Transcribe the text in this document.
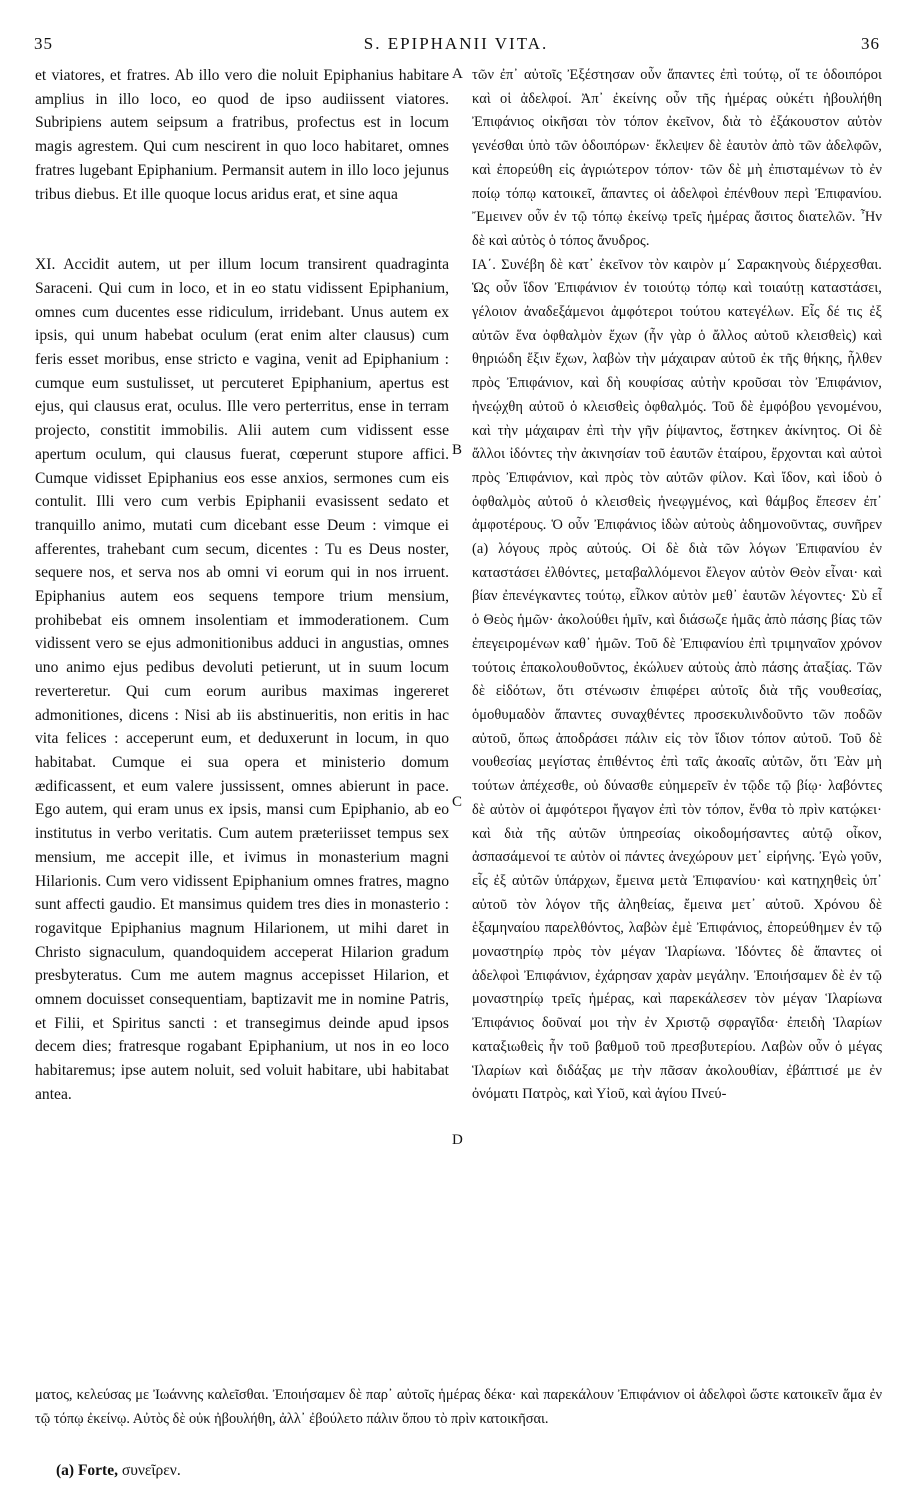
35	S. EPIPHANII VITA.	36

et viatores, et fratres. Ab illo vero die noluit Epiphanius habitare amplius in illo loco, eo quod de ipso audiissent viatores. Subripiens autem seipsum a fratribus, profectus est in locum magis agrestem. Qui cum nescirent in quo loco habitaret, omnes fratres lugebant Epiphanium. Permansit autem in illo loco jejunus tribus diebus. Et ille quoque locus aridus erat, et sine aqua

XI. Accidit autem, ut per illum locum transirent quadraginta Saraceni. Qui cum in loco, et in eo statu vidissent Epiphanium, omnes cum ducentes esse ridiculum, irridebant. Unus autem ex ipsis, qui unum habebat oculum (erat enim alter clausus) cum feris esset moribus, ense stricto e vagina, venit ad Epiphanium : cumque eum sustulisset, ut percuteret Epiphanium, apertus est ejus, qui clausus erat, oculus. Ille vero perterritus, ense in terram projecto, constitit immobilis. Alii autem cum vidissent esse apertum oculum, qui clausus fuerat, cœperunt stupore affici. Cumque vidisset Epiphanius eos esse anxios, sermones cum eis contulit. Illi vero cum verbis Epiphanii evasissent sedato et tranquillo animo, mutati cum dicebant esse Deum : vimque ei afferentes, trahebant cum secum, dicentes : Tu es Deus noster, sequere nos, et serva nos ab omni vi eorum qui in nos irruent. Epiphanius autem eos sequens tempore trium mensium, prohibebat eis omnem insolentiam et immoderationem. Cum vidissent vero se ejus admonitionibus adduci in angustias, omnes uno animo ejus pedibus devoluti petierunt, ut in suum locum reverteretur. Qui cum eorum auribus maximas ingereret admonitiones, dicens : Nisi ab iis abstinueritis, non eritis in hac vita felices : acceperunt eum, et deduxerunt in locum, in quo habitabat. Cumque ei sua opera et ministerio domum ædificassent, et eum valere jussissent, omnes abierunt in pace. Ego autem, qui eram unus ex ipsis, mansi cum Epiphanio, ab eo institutus in verbo veritatis. Cum autem præteriisset tempus sex mensium, me accepit ille, et ivimus in monasterium magni Hilarionis. Cum vero vidissent Epiphanium omnes fratres, magno sunt affecti gaudio. Et mansimus quidem tres dies in monasterio : rogavitque Epiphanius magnum Hilarionem, ut mihi daret in Christo signaculum, quandoquidem acceperat Hilarion gradum presbyteratus. Cum me autem magnus accepisset Hilarion, et omnem docuisset consequentiam, baptizavit me in nomine Patris, et Filii, et Spiritus sancti : et transegimus deinde apud ipsos decem dies; fratresque rogabant Epiphanium, ut nos in eo loco habitaremus; ipse autem noluit, sed voluit habitare, ubi habitabat antea.

A
B
C
D

τῶν ἐπ᾽ αὐτοῖς Ἐξέστησαν οὖν ἅπαντες ἐπὶ τούτῳ, οἵ τε ὁδοιπόροι καὶ οἱ ἀδελφοί. Ἀπ᾽ ἐκείνης οὖν τῆς ἡμέρας οὐκέτι ἠβουλήθη Ἐπιφάνιος οἰκῆσαι τὸν τόπον ἐκεῖνον, διὰ τὸ ἐξάκουστον αὐτὸν γενέσθαι ὑπὸ τῶν ὁδοιπόρων· ἔκλεψεν δὲ ἑαυτὸν ἀπὸ τῶν ἀδελφῶν, καὶ ἐπορεύθη εἰς ἀγριώτερον τόπον· τῶν δὲ μὴ ἐπισταμένων τὸ ἐν ποίῳ τόπῳ κατοικεῖ, ἅπαντες οἱ ἀδελφοὶ ἐπένθουν περὶ Ἐπιφανίου. Ἔμεινεν οὖν ἐν τῷ τόπῳ ἐκείνῳ τρεῖς ἡμέρας ἄσιτος διατελῶν. Ἦν δὲ καὶ αὐτὸς ὁ τόπος ἄνυδρος.

ΙΑ΄. Συνέβη δὲ κατ᾽ ἐκεῖνον τὸν καιρὸν μ΄ Σαρακηνοὺς διέρχεσθαι. Ὡς οὖν ἴδον Ἐπιφάνιον ἐν τοιούτῳ τόπῳ καὶ τοιαύτῃ καταστάσει, γέλοιον ἀναδεξάμενοι ἀμφότεροι τούτου κατεγέλων. Εἷς δέ τις ἐξ αὐτῶν ἕνα ὀφθαλμὸν ἔχων (ἦν γὰρ ὁ ἄλλος αὐτοῦ κλεισθεὶς) καὶ θηριώδη ἕξιν ἔχων, λαβὼν τὴν μάχαιραν αὐτοῦ ἐκ τῆς θήκης, ἦλθεν πρὸς Ἐπιφάνιον, καὶ δὴ κουφίσας αὐτὴν κροῦσαι τὸν Ἐπιφάνιον, ἠνεῴχθη αὐτοῦ ὁ κλεισθεὶς ὀφθαλμός. Τοῦ δὲ ἐμφόβου γενομένου, καὶ τὴν μάχαιραν ἐπὶ τὴν γῆν ῥίψαντος, ἕστηκεν ἀκίνητος. Οἱ δὲ ἄλλοι ἰδόντες τὴν ἀκινησίαν τοῦ ἑαυτῶν ἑταίρου, ἔρχονται καὶ αὐτοὶ πρὸς Ἐπιφάνιον, καὶ πρὸς τὸν αὐτῶν φίλον. Καὶ ἴδον, καὶ ἰδοὺ ὁ ὀφθαλμὸς αὐτοῦ ὁ κλεισθεὶς ἠνεῳγμένος, καὶ θάμβος ἔπεσεν ἐπ᾽ ἀμφοτέρους. Ὁ οὖν Ἐπιφάνιος ἰδὼν αὐτοὺς ἀδημονοῦντας, συνῆρεν (a) λόγους πρὸς αὐτούς. Οἱ δὲ διὰ τῶν λόγων Ἐπιφανίου ἐν καταστάσει ἐλθόντες, μεταβαλλόμενοι ἔλεγον αὐτὸν Θεὸν εἶναι· καὶ βίαν ἐπενέγκαντες τούτῳ, εἷλκον αὐτὸν μεθ᾽ ἑαυτῶν λέγοντες· Σὺ εἶ ὁ Θεὸς ἡμῶν· ἀκολούθει ἡμῖν, καὶ διάσωζε ἡμᾶς ἀπὸ πάσης βίας τῶν ἐπεγειρομένων καθ᾽ ἡμῶν. Τοῦ δὲ Ἐπιφανίου ἐπὶ τριμηναῖον χρόνον τούτοις ἐπακολουθοῦντος, ἐκώλυεν αὐτοὺς ἀπὸ πάσης ἀταξίας. Τῶν δὲ εἰδότων, ὅτι στένωσιν ἐπιφέρει αὐτοῖς διὰ τῆς νουθεσίας, ὁμοθυμαδὸν ἅπαντες συναχθέντες προσεκυλινδοῦντο τῶν ποδῶν αὐτοῦ, ὅπως ἀποδράσει πάλιν εἰς τὸν ἴδιον τόπον αὐτοῦ. Τοῦ δὲ νουθεσίας μεγίστας ἐπιθέντος ἐπὶ ταῖς ἀκοαῖς αὐτῶν, ὅτι Ἐὰν μὴ τούτων ἀπέχεσθε, οὐ δύνασθε εὐημερεῖν ἐν τῷδε τῷ βίῳ· λαβόντες δὲ αὐτὸν οἱ ἀμφότεροι ἤγαγον ἐπὶ τὸν τόπον, ἔνθα τὸ πρὶν κατῴκει· καὶ διὰ τῆς αὐτῶν ὑπηρεσίας οἰκοδομήσαντες αὐτῷ οἶκον, ἀσπασάμενοί τε αὐτὸν οἱ πάντες ἀνεχώρουν μετ᾽ εἰρήνης. Ἐγὼ γοῦν, εἷς ἐξ αὐτῶν ὑπάρχων, ἔμεινα μετὰ Ἐπιφανίου· καὶ κατηχηθεὶς ὑπ᾽ αὐτοῦ τὸν λόγον τῆς ἀληθείας, ἔμεινα μετ᾽ αὐτοῦ. Χρόνου δὲ ἑξαμηναίου παρελθόντος, λαβὼν ἐμὲ Ἐπιφάνιος, ἐπορεύθημεν ἐν τῷ μοναστηρίῳ πρὸς τὸν μέγαν Ἱλαρίωνα. Ἰδόντες δὲ ἅπαντες οἱ ἀδελφοὶ Ἐπιφάνιον, ἐχάρησαν χαρὰν μεγάλην. Ἐποιήσαμεν δὲ ἐν τῷ μοναστηρίῳ τρεῖς ἡμέρας, καὶ παρεκάλεσεν τὸν μέγαν Ἱλαρίωνα Ἐπιφάνιος δοῦναί μοι τὴν ἐν Χριστῷ σφραγῖδα· ἐπειδὴ Ἱλαρίων καταξιωθεὶς ἦν τοῦ βαθμοῦ τοῦ πρεσβυτερίου. Λαβὼν οὖν ὁ μέγας Ἱλαρίων καὶ διδάξας με τὴν πᾶσαν ἀκολουθίαν, ἐβάπτισέ με ἐν ὀνόματι Πατρὸς, καὶ Υἱοῦ, καὶ ἁγίου Πνεύ-

ματος, κελεύσας με Ἰωάννης καλεῖσθαι. Ἐποιήσαμεν δὲ παρ᾽ αὐτοῖς ἡμέρας δέκα· καὶ παρεκάλουν Ἐπιφάνιον οἱ ἀδελφοὶ ὥστε κατοικεῖν ἅμα ἐν τῷ τόπῳ ἐκείνῳ. Αὐτὸς δὲ οὐκ ἠβουλήθη, ἀλλ᾽ ἐβούλετο πάλιν ὅπου τὸ πρὶν κατοικῆσαι.
(a) Forte, συνεῖρεν.
